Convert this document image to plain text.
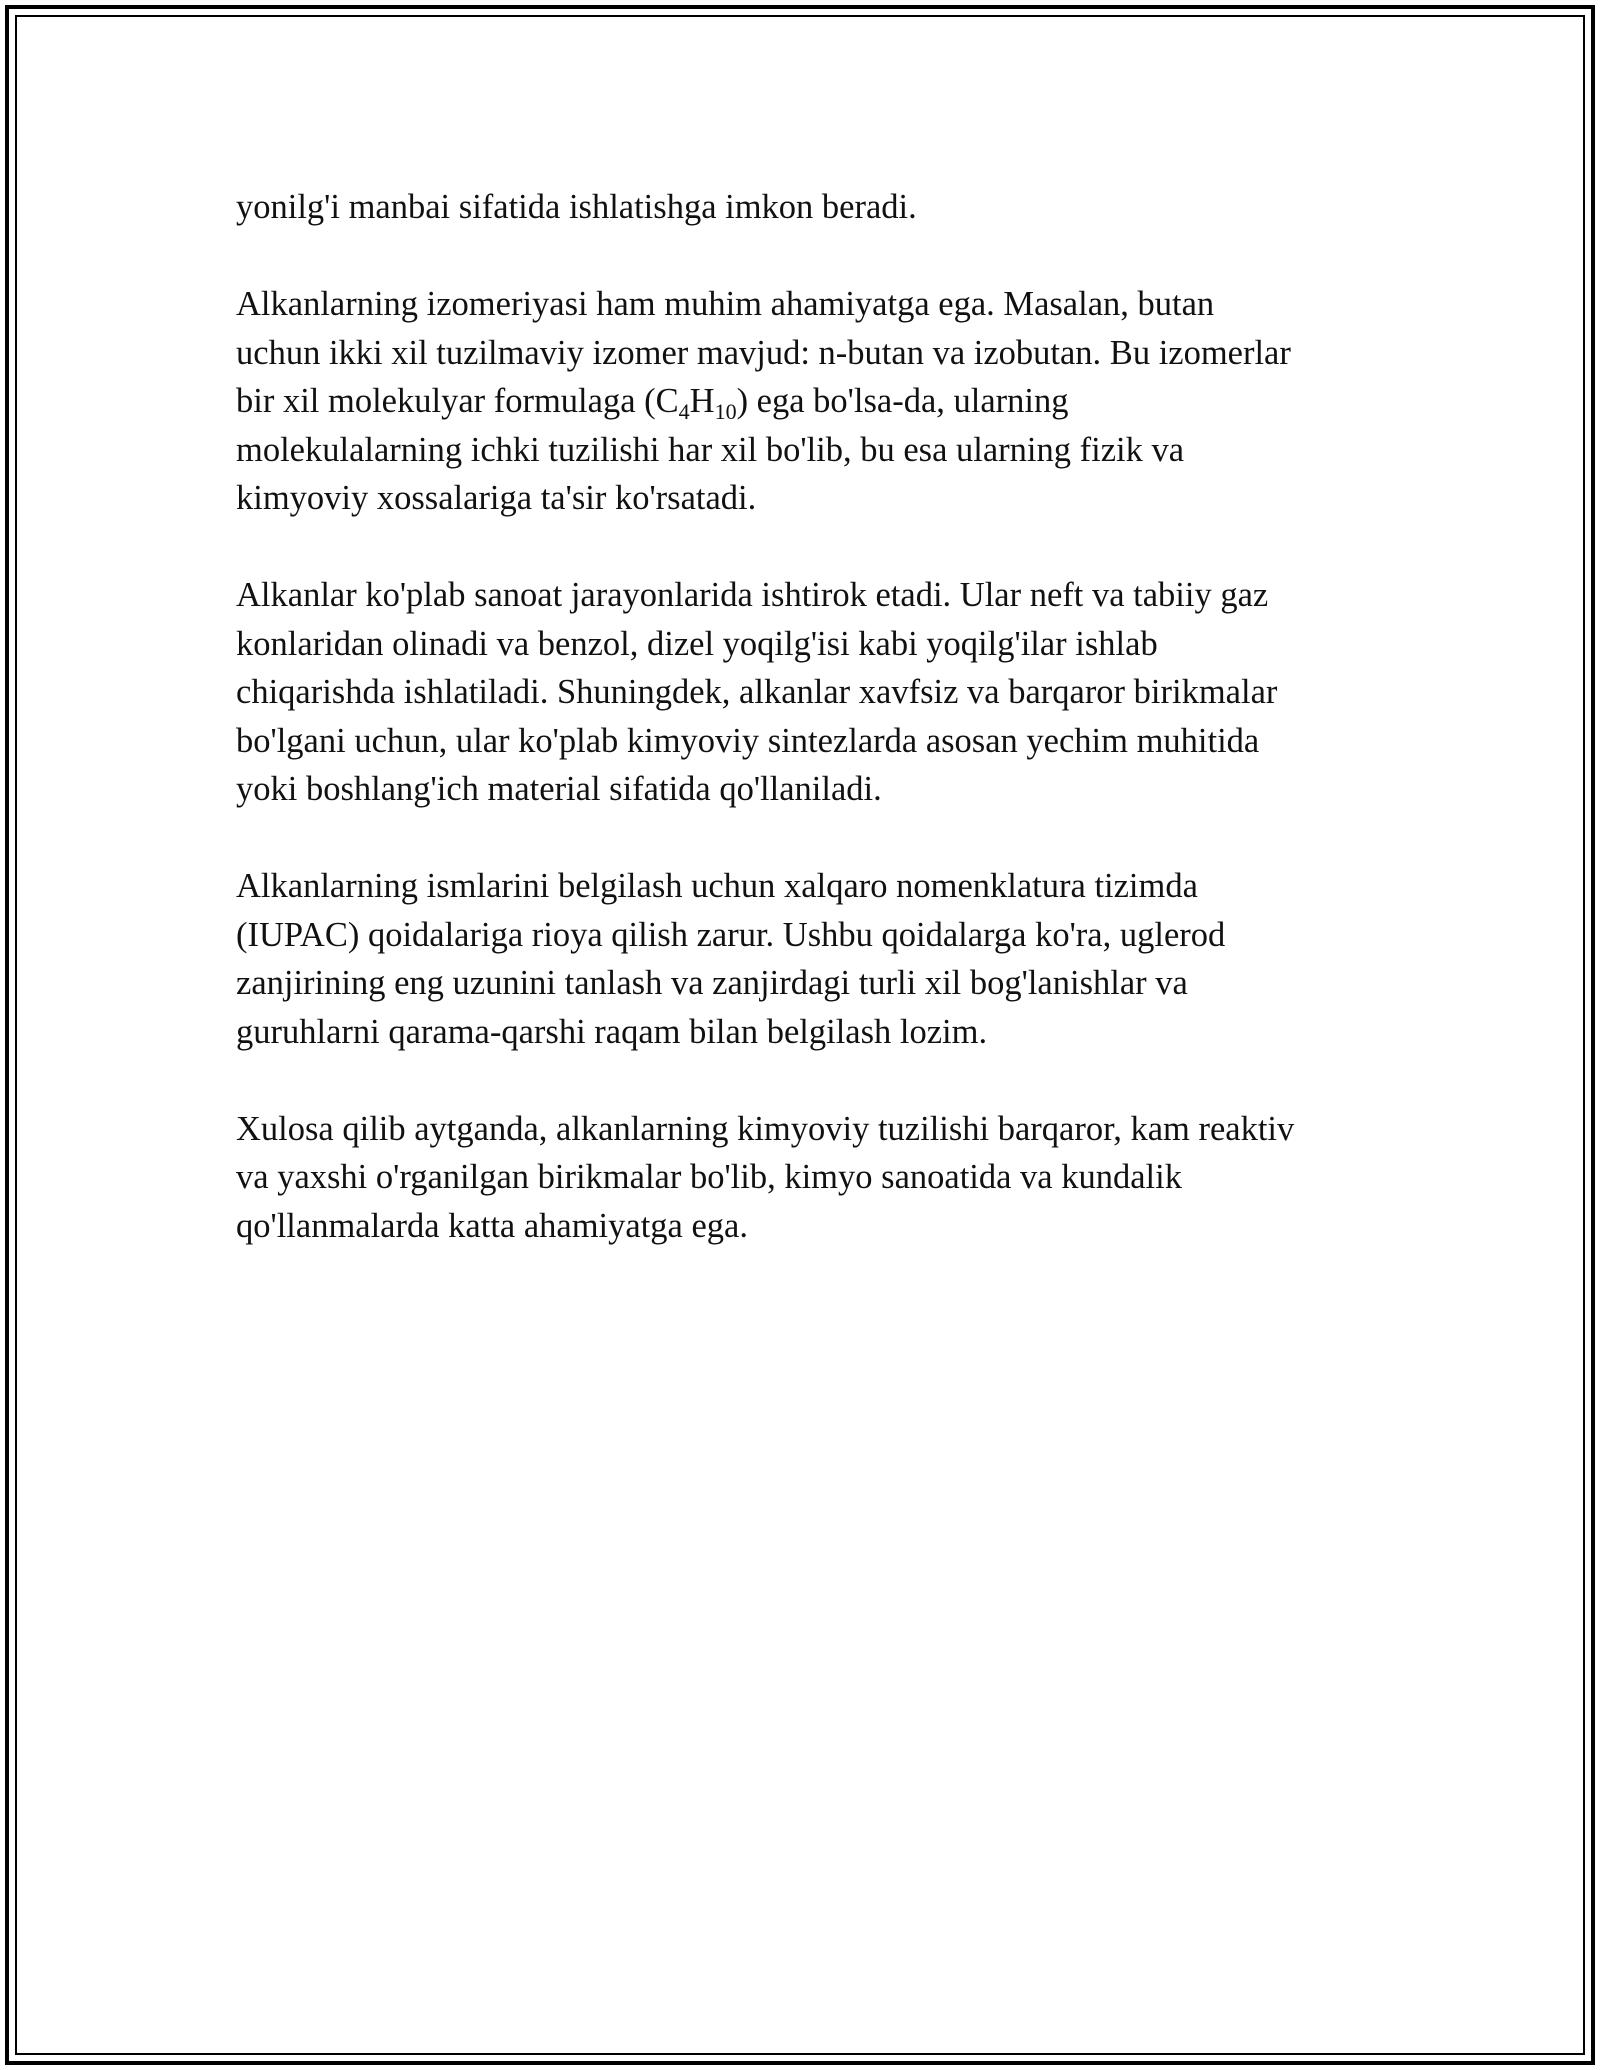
yonilg'i manbai sifatida ishlatishga imkon beradi.

Alkanlarning izomeriyasi ham muhim ahamiyatga ega. Masalan, butan
uchun ikki xil tuzilmaviy izomer mavjud: n-butan va izobutan. Bu izomerlar
bir xil molekulyar formulaga $(C_4H_{10})$ ega bo'lsa-da, ularning
molekulalarning ichki tuzilishi har xil bo'lib, bu esa ularning fizik va
kimyoviy xossalariga ta'sir ko'rsatadi.

Alkanlar ko'plab sanoat jarayonlarida ishtirok etadi. Ular neft va tabiiy gaz
konlaridan olinadi va benzol, dizel yoqilg'isi kabi yoqilg'ilar ishlab
chiqarishda ishlatiladi. Shuningdek, alkanlar xavfsiz va barqaror birikmalar
bo'lgani uchun, ular ko'plab kimyoviy sintezlarda asosan yechim muhitida
yoki boshlang'ich material sifatida qo'llaniladi.

Alkanlarning ismlarini belgilash uchun xalqaro nomenklatura tizimda
(IUPAC) qoidalariga rioya qilish zarur. Ushbu qoidalarga ko'ra, uglerod
zanjirining eng uzunini tanlash va zanjirdagi turli xil bog'lanishlar va
guruhlarni qarama-qarshi raqam bilan belgilash lozim.

Xulosa qilib aytganda, alkanlarning kimyoviy tuzilishi barqaror, kam reaktiv
va yaxshi o'rganilgan birikmalar bo'lib, kimyo sanoatida va kundalik
qo'llanmalarda katta ahamiyatga ega.
